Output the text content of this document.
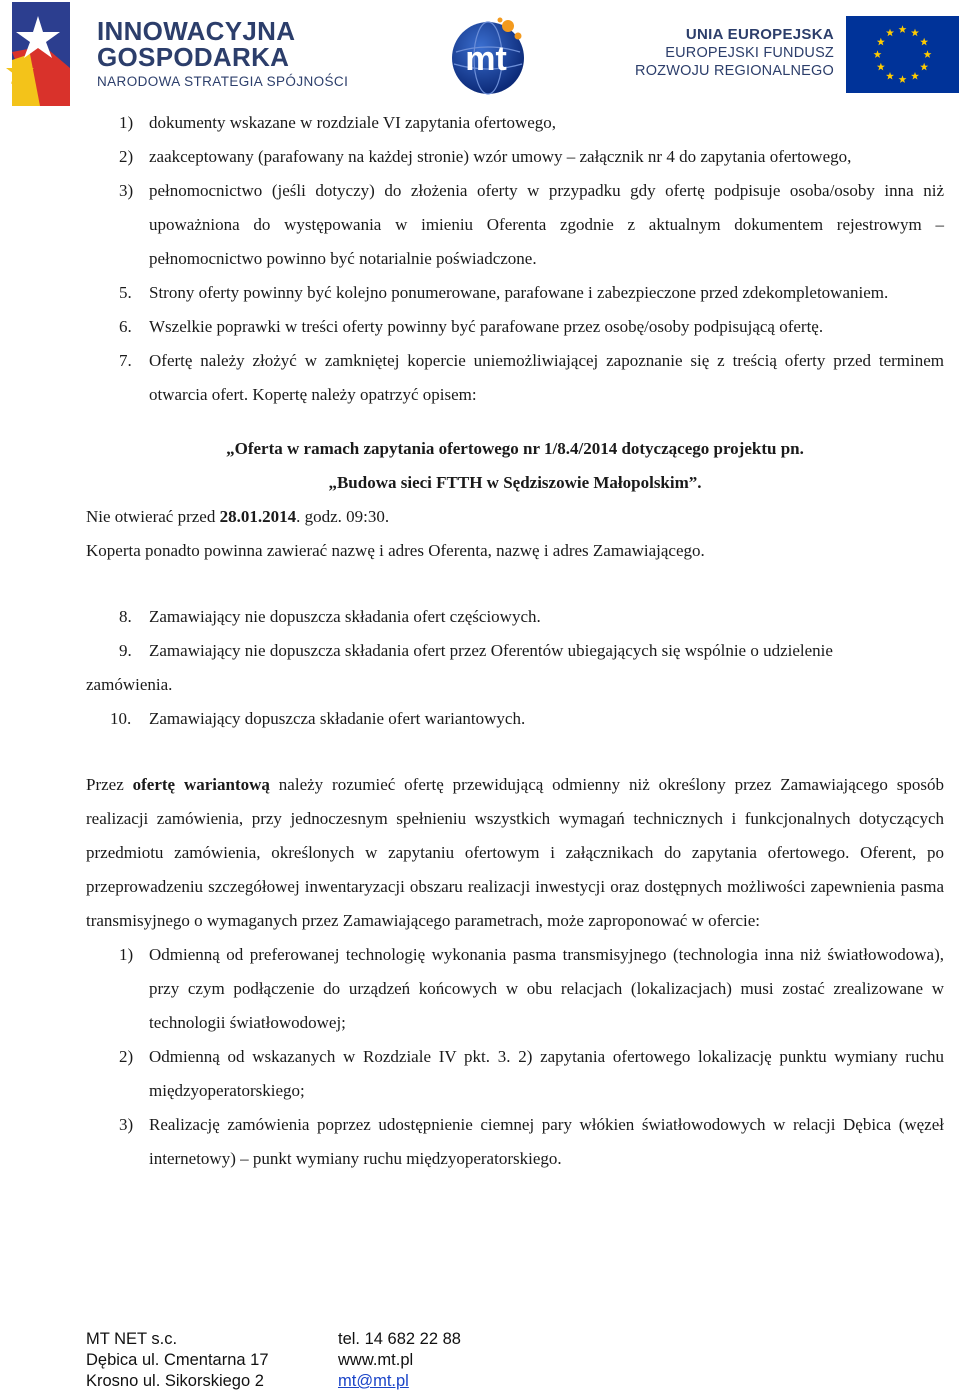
INNOWACYJNA
GOSPODARKA
NARODOWA STRATEGIA SPÓJNOŚCI
mt
UNIA EUROPEJSKA
EUROPEJSKI FUNDUSZ
ROZWOJU REGIONALNEGO

1) dokumenty wskazane w rozdziale VI zapytania ofertowego,

2) zaakceptowany (parafowany na każdej stronie) wzór umowy – załącznik nr 4 do zapytania ofertowego,

3) pełnomocnictwo (jeśli dotyczy) do złożenia oferty w przypadku gdy ofertę podpisuje osoba/osoby inna niż upoważniona do występowania w imieniu Oferenta zgodnie z aktualnym dokumentem rejestrowym – pełnomocnictwo powinno być notarialnie poświadczone.

5. Strony oferty powinny być kolejno ponumerowane, parafowane i zabezpieczone przed zdekompletowaniem.

6. Wszelkie poprawki w treści oferty powinny być parafowane przez osobę/osoby podpisującą ofertę.

7. Ofertę należy złożyć w zamkniętej kopercie uniemożliwiającej zapoznanie się z treścią oferty przed terminem otwarcia ofert. Kopertę należy opatrzyć opisem:

„Oferta w ramach zapytania ofertowego nr 1/8.4/2014 dotyczącego projektu pn.

„Budowa sieci FTTH w Sędziszowie Małopolskim”.

Nie otwierać przed 28.01.2014. godz. 09:30.

Koperta ponadto powinna zawierać nazwę i adres Oferenta, nazwę i adres Zamawiającego.

8. Zamawiający nie dopuszcza składania ofert częściowych.

9. Zamawiający nie dopuszcza składania ofert przez Oferentów ubiegających się wspólnie o udzielenie

zamówienia.

10. Zamawiający dopuszcza składanie ofert wariantowych.

Przez ofertę wariantową należy rozumieć ofertę przewidującą odmienny niż określony przez Zamawiającego sposób realizacji zamówienia, przy jednoczesnym spełnieniu wszystkich wymagań technicznych i funkcjonalnych dotyczących przedmiotu zamówienia, określonych w zapytaniu ofertowym i załącznikach do zapytania ofertowego. Oferent, po przeprowadzeniu szczegółowej inwentaryzacji obszaru realizacji inwestycji oraz dostępnych możliwości zapewnienia pasma transmisyjnego o wymaganych przez Zamawiającego parametrach, może zaproponować w ofercie:

1) Odmienną od preferowanej technologię wykonania pasma transmisyjnego (technologia inna niż światłowodowa), przy czym podłączenie do urządzeń końcowych w obu relacjach (lokalizacjach) musi zostać zrealizowane w technologii światłowodowej;

2) Odmienną od wskazanych w Rozdziale IV pkt. 3. 2) zapytania ofertowego lokalizację punktu wymiany ruchu międzyoperatorskiego;

3) Realizację zamówienia poprzez udostępnienie ciemnej pary włókien światłowodowych w relacji Dębica (węzeł internetowy) – punkt wymiany ruchu międzyoperatorskiego.

MT NET s.c.
Dębica ul. Cmentarna 17
Krosno ul. Sikorskiego 2
tel. 14 682 22 88
www.mt.pl
mt@mt.pl
